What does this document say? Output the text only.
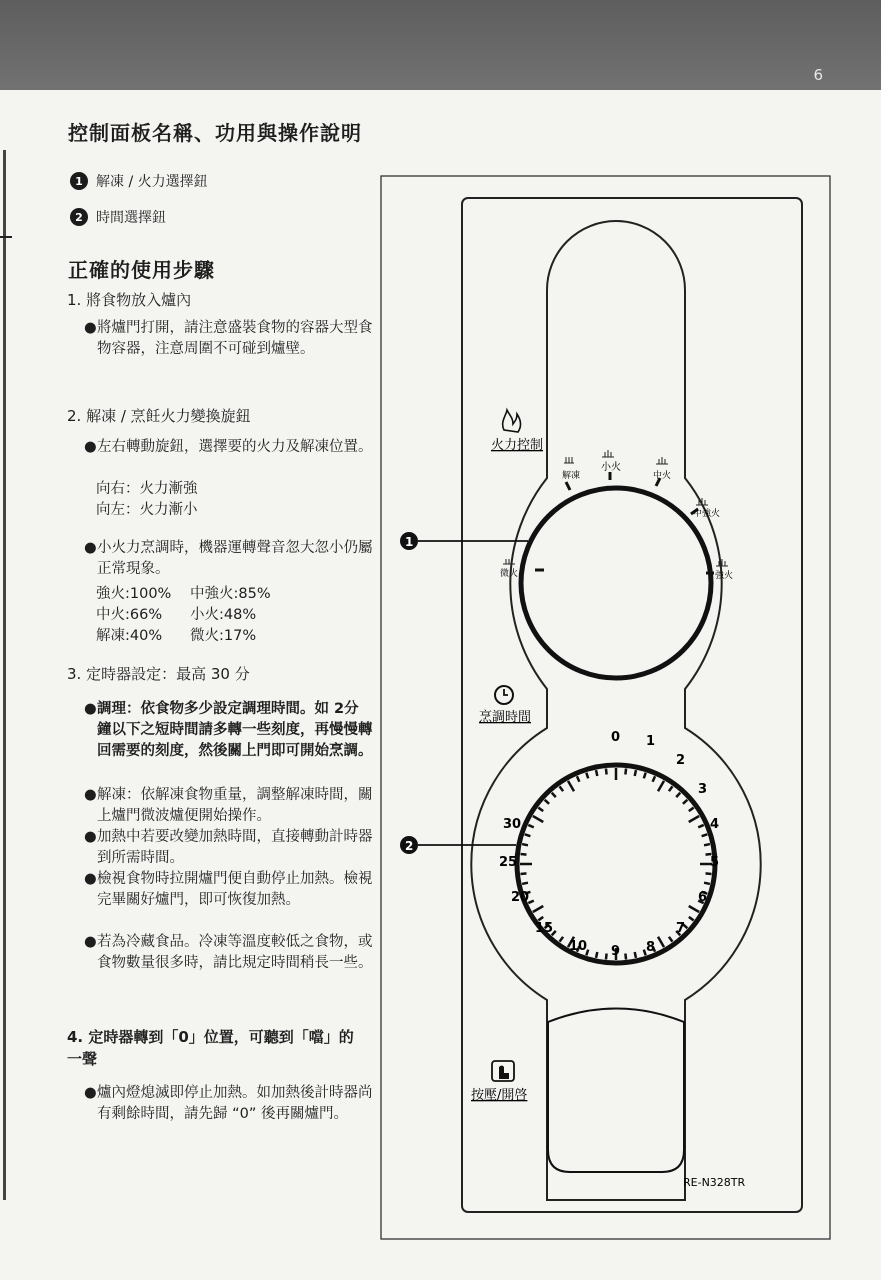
6
控制面板名稱、功用與操作說明
1 解凍 / 火力選擇鈕
2 時間選擇鈕
正確的使用步驟
1. 將食物放入爐內
● 將爐門打開，請注意盛裝食物的容器大型食物容器，注意周圍不可碰到爐壁。
2. 解凍 / 烹飪火力變換旋鈕
● 左右轉動旋鈕，選擇要的火力及解凍位置。
向右：火力漸強
向左：火力漸小
● 小火力烹調時，機器運轉聲音忽大忽小仍屬正常現象。
強火:100% 中強火:85%
中火:66% 小火:48%
解凍:40% 微火:17%
3. 定時器設定：最高 30 分
● 調理：依食物多少設定調理時間。如 2分 鐘以下之短時間請多轉一些刻度，再慢慢轉回需要的刻度，然後關上門即可開始烹調。
● 解凍：依解凍食物重量，調整解凍時間，關上爐門微波爐便開始操作。
● 加熱中若要改變加熱時間，直接轉動計時器到所需時間。
● 檢視食物時拉開爐門便自動停止加熱。檢視完畢關好爐門，即可恢復加熱。
● 若為冷藏食品。冷凍等溫度較低之食物，或食物數量很多時，請比規定時間稍長一些。
4. 定時器轉到「0」位置，可聽到「噹」的一聲
● 爐內燈熄滅即停止加熱。如加熱後計時器尚有剩餘時間，請先歸 “0” 後再關爐門。
火力控制
解凍
小火
中火
中強火
強火
微火
烹調時間
0 1
2
3
4
5
6
7
8
9
10
15
20
25
30
按壓/開啓
RE-N328TR
1
2
